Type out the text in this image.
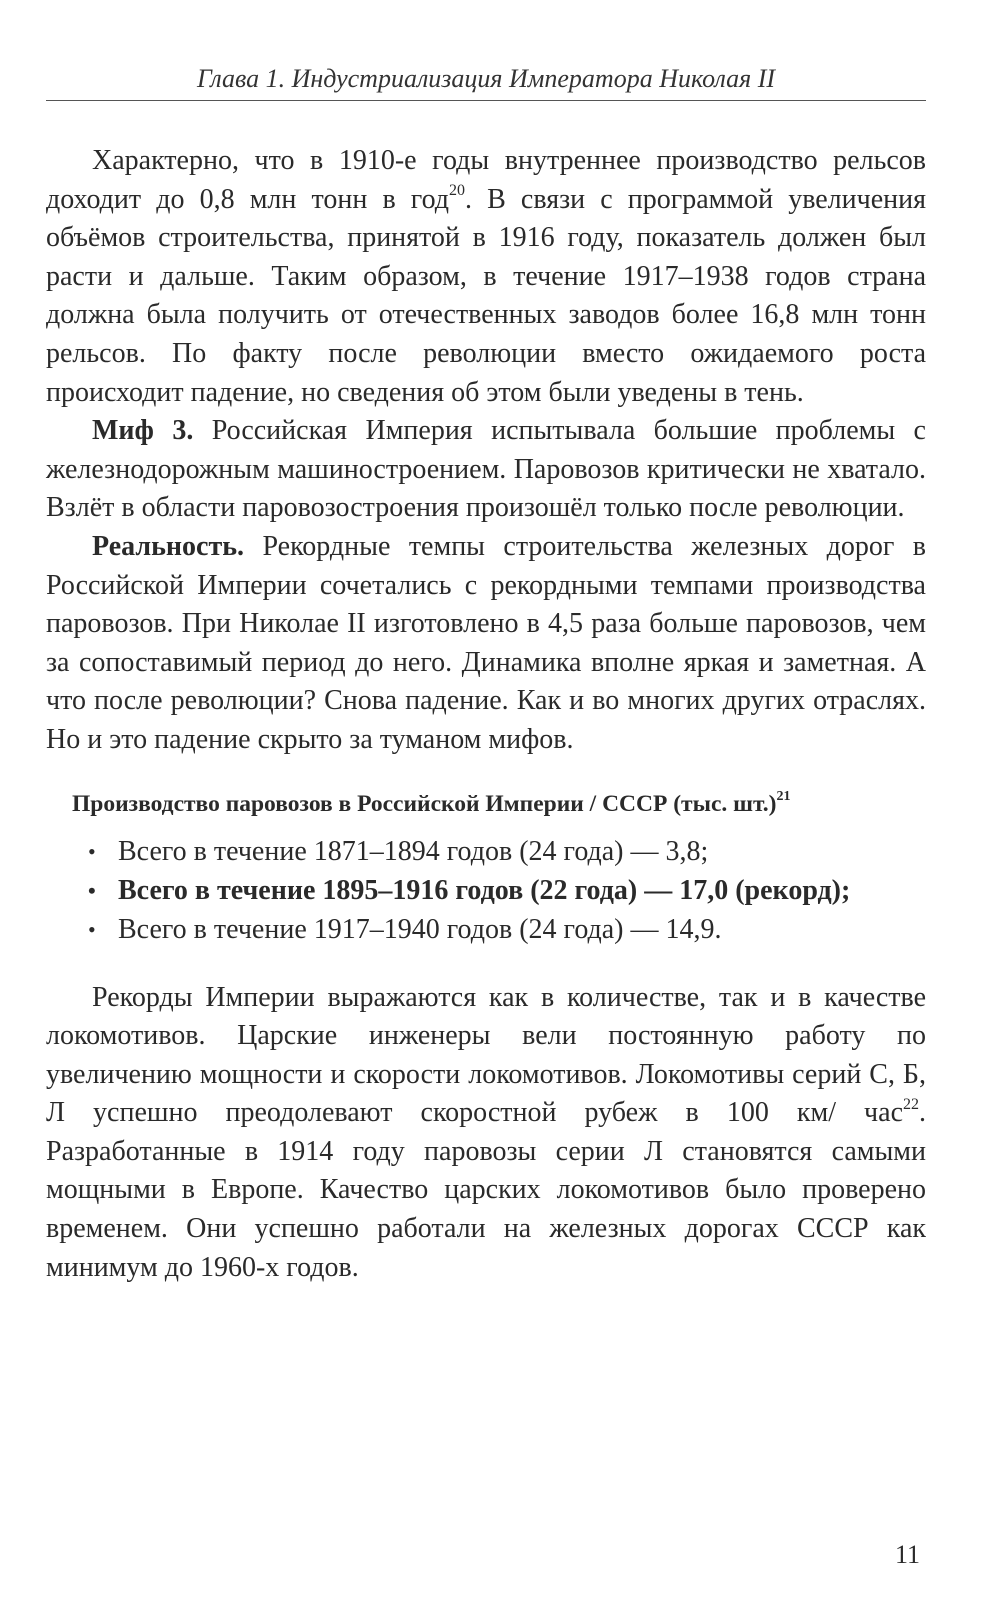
Глава 1. Индустриализация Императора Николая II

Характерно, что в 1910-е годы внутреннее производство рельсов доходит до 0,8 млн тонн в год$^{20}$. В связи с программой увеличения объёмов строительства, принятой в 1916 году, показатель должен был расти и дальше. Таким образом, в течение 1917–1938 годов страна должна была получить от отечественных заводов более 16,8 млн тонн рельсов. По факту после революции вместо ожидаемого роста происходит падение, но сведения об этом были уведены в тень.

Миф 3. Российская Империя испытывала большие проблемы с железнодорожным машиностроением. Паровозов критически не хватало. Взлёт в области паровозостроения произошёл только после революции.

Реальность. Рекордные темпы строительства железных дорог в Российской Империи сочетались с рекордными темпами производства паровозов. При Николае II изготовлено в 4,5 раза больше паровозов, чем за сопоставимый период до него. Динамика вполне яркая и заметная. А что после революции? Снова падение. Как и во многих других отраслях. Но и это падение скрыто за туманом мифов.

Производство паровозов в Российской Империи / СССР (тыс. шт.)$^{21}$
• Всего в течение 1871–1894 годов (24 года) — 3,8;
• Всего в течение 1895–1916 годов (22 года) — 17,0 (рекорд);
• Всего в течение 1917–1940 годов (24 года) — 14,9.

Рекорды Империи выражаются как в количестве, так и в качестве локомотивов. Царские инженеры вели постоянную работу по увеличению мощности и скорости локомотивов. Локомотивы серий С, Б, Л успешно преодолевают скоростной рубеж в 100 км/ час$^{22}$. Разработанные в 1914 году паровозы серии Л становятся самыми мощными в Европе. Качество царских локомотивов было проверено временем. Они успешно работали на железных дорогах СССР как минимум до 1960-х годов.

11
